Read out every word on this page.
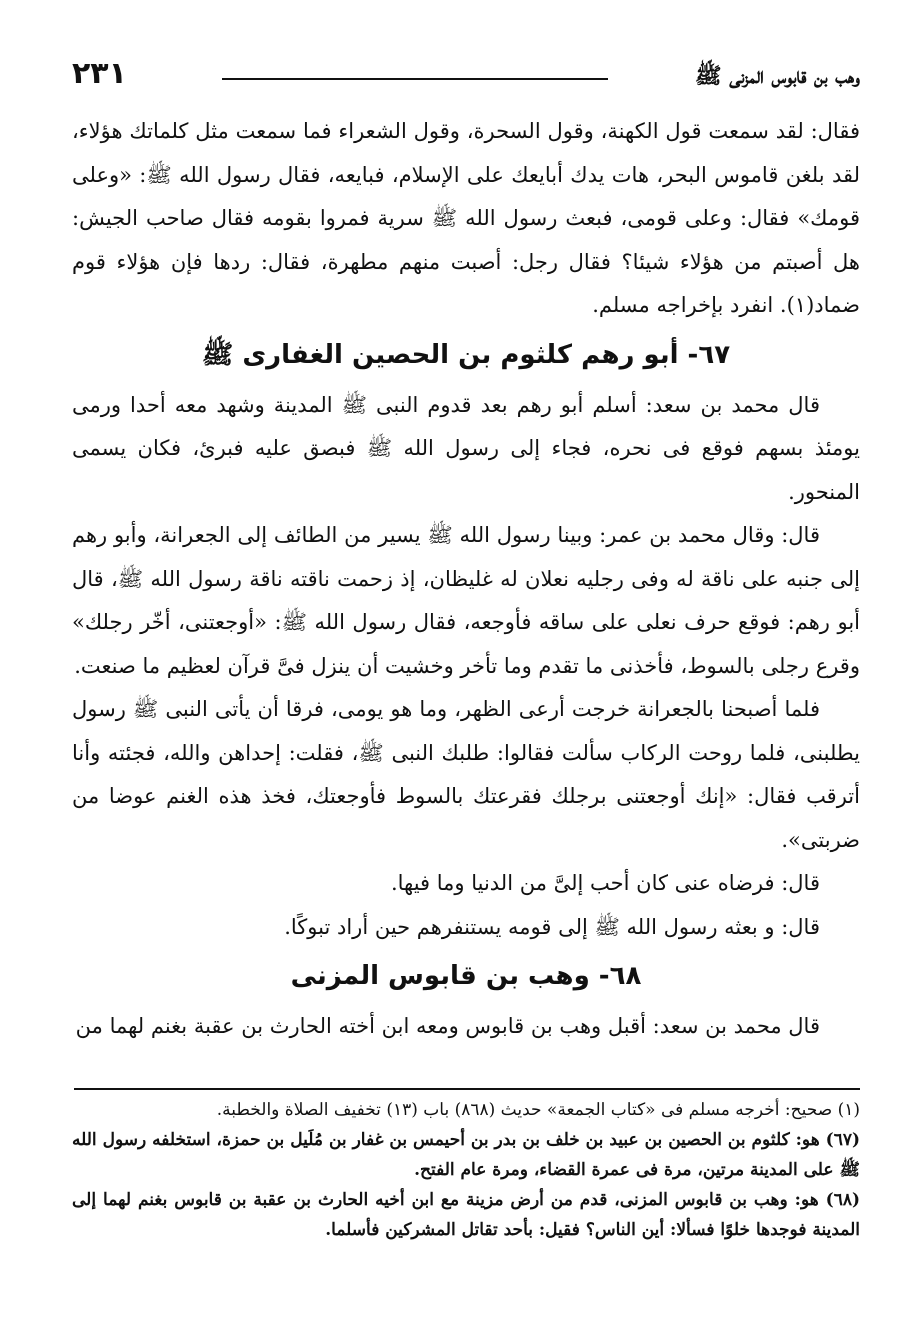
وهب بن قابوس المزنى ﷺ
٢٣١

فقال: لقد سمعت قول الكهنة، وقول السحرة، وقول الشعراء فما سمعت مثل كلماتك هؤلاء، لقد بلغن قاموس البحر، هات يدك أبايعك على الإسلام، فبايعه، فقال رسول الله ﷺ: «وعلى قومك» فقال: وعلى قومى، فبعث رسول الله ﷺ سرية فمروا بقومه فقال صاحب الجيش: هل أصبتم من هؤلاء شيئا؟ فقال رجل: أصبت منهم مطهرة، فقال: ردها فإن هؤلاء قوم ضماد(١). انفرد بإخراجه مسلم.

٦٧- أبو رهم كلثوم بن الحصين الغفارى ﷺ

قال محمد بن سعد: أسلم أبو رهم بعد قدوم النبى ﷺ المدينة وشهد معه أحدا ورمى يومئذ بسهم فوقع فى نحره، فجاء إلى رسول الله ﷺ فبصق عليه فبرئ، فكان يسمى المنحور.

قال: وقال محمد بن عمر: وبينا رسول الله ﷺ يسير من الطائف إلى الجعرانة، وأبو رهم إلى جنبه على ناقة له وفى رجليه نعلان له غليظان، إذ زحمت ناقته ناقة رسول الله ﷺ، قال أبو رهم: فوقع حرف نعلى على ساقه فأوجعه، فقال رسول الله ﷺ: «أوجعتنى، أخّر رجلك» وقرع رجلى بالسوط، فأخذنى ما تقدم وما تأخر وخشيت أن ينزل فىَّ قرآن لعظيم ما صنعت.

فلما أصبحنا بالجعرانة خرجت أرعى الظهر، وما هو يومى، فرقا أن يأتى النبى ﷺ رسول يطلبنى، فلما روحت الركاب سألت فقالوا: طلبك النبى ﷺ، فقلت: إحداهن والله، فجئته وأنا أترقب فقال: «إنك أوجعتنى برجلك فقرعتك بالسوط فأوجعتك، فخذ هذه الغنم عوضا من ضربتى».

قال: فرضاه عنى كان أحب إلىَّ من الدنيا وما فيها.

قال: و بعثه رسول الله ﷺ إلى قومه يستنفرهم حين أراد تبوكًا.

٦٨- وهب بن قابوس المزنى

قال محمد بن سعد: أقبل وهب بن قابوس ومعه ابن أخته الحارث بن عقبة بغنم لهما من

(١) صحيح: أخرجه مسلم فى «كتاب الجمعة» حديث (٨٦٨) باب (١٣) تخفيف الصلاة والخطبة.

(٦٧) هو: كلثوم بن الحصين بن عبيد بن خلف بن بدر بن أحيمس بن غفار بن مُلَيل بن حمزة، استخلفه رسول الله ﷺ على المدينة مرتين، مرة فى عمرة القضاء، ومرة عام الفتح.

(٦٨) هو: وهب بن قابوس المزنى، قدم من أرض مزينة مع ابن أخيه الحارث بن عقبة بن قابوس بغنم لهما إلى المدينة فوجدها خلوًا فسألا: أين الناس؟ فقيل: بأحد تقاتل المشركين فأسلما.
